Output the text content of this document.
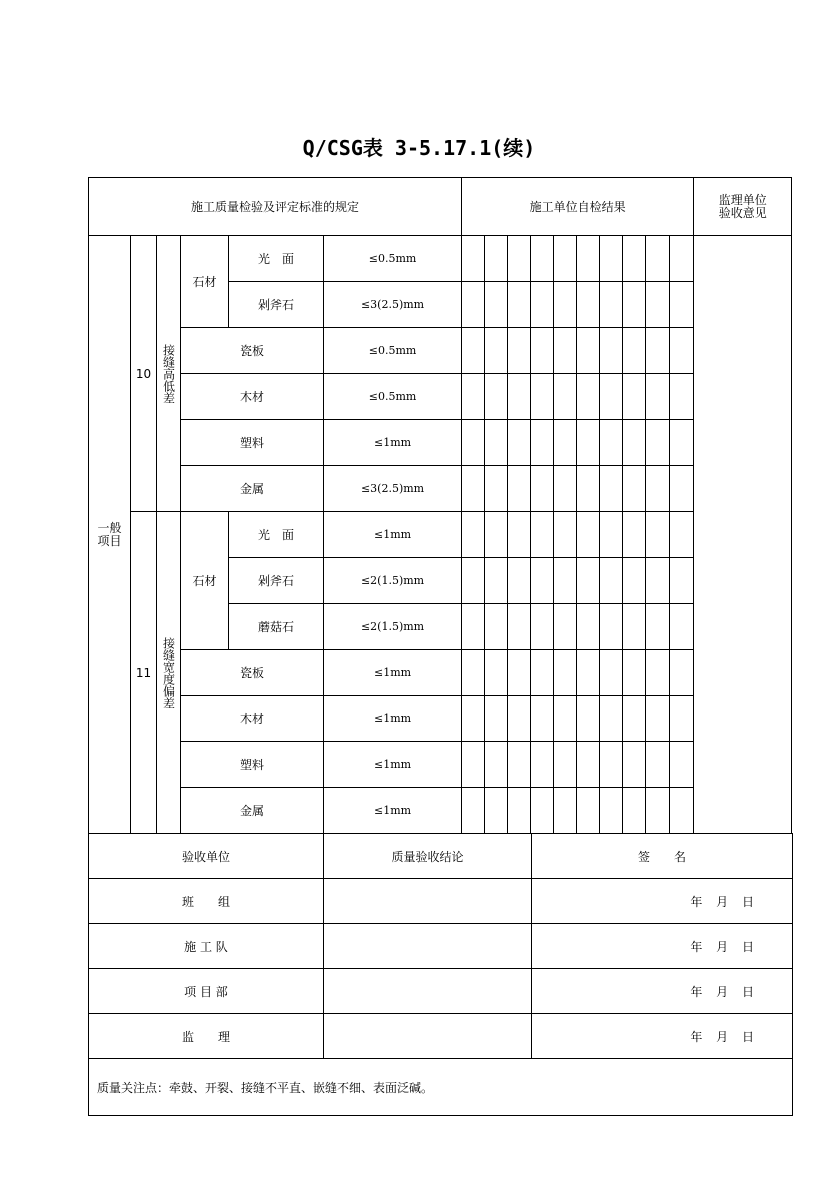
Q/CSG表 3-5.17.1(续)
施工质量检验及评定标准的规定						施工单位自检结果										监理单位
验收意见

一般项目	10	接缝高低差	石材	光　面	≤0.5mm											
				剁斧石	≤3(2.5)mm											
			瓷板		≤0.5mm											
			木材		≤0.5mm											
			塑料		≤1mm											
			金属		≤3(2.5)mm											
	11	接缝宽度偏差	石材	光　面	≤1mm											
				剁斧石	≤2(1.5)mm											
				蘑菇石	≤2(1.5)mm											
			瓷板		≤1mm											
			木材		≤1mm											
			塑料		≤1mm											
			金属		≤1mm											
验收单位	质量验收结论	签　　名
班　　组		年 月 日
施 工 队		年 月 日
项 目 部		年 月 日
监　　理		年 月 日
质量关注点：牵鼓、开裂、接缝不平直、嵌缝不细、表面泛碱。		
